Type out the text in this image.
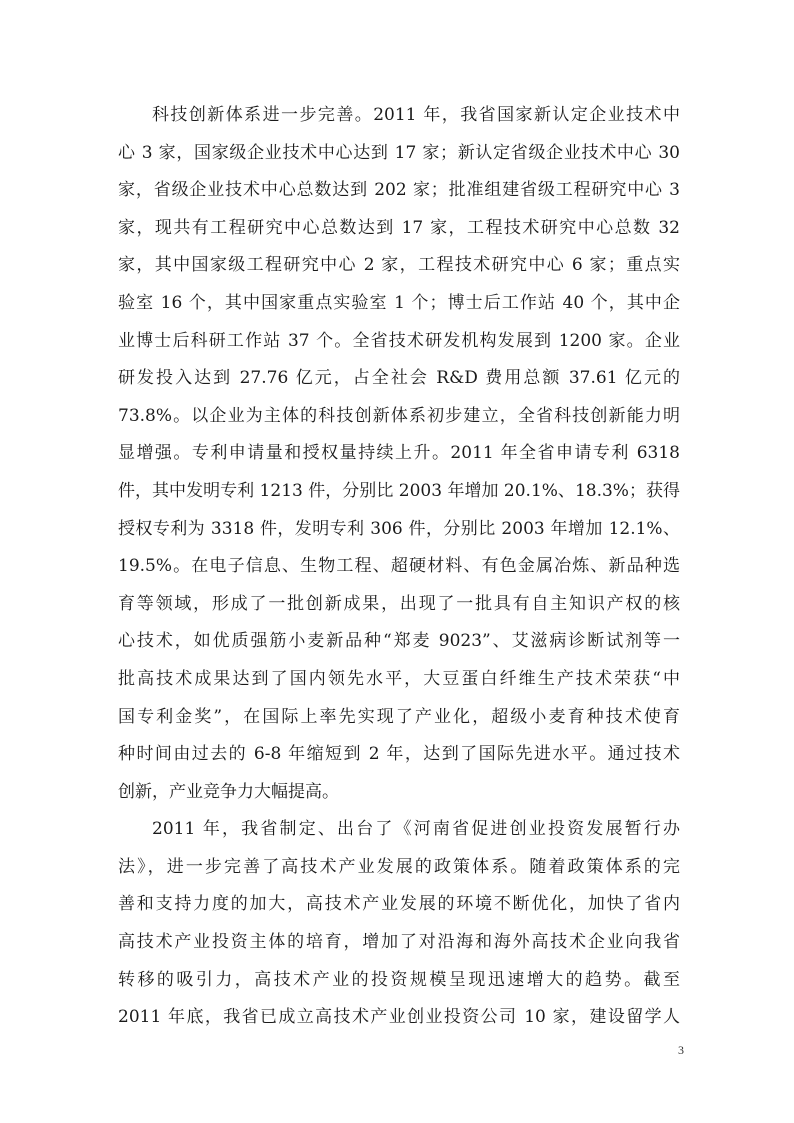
科技创新体系进一步完善。2011 年，我省国家新认定企业技术中
心 3 家，国家级企业技术中心达到 17 家；新认定省级企业技术中心 30
家，省级企业技术中心总数达到 202 家；批准组建省级工程研究中心 3
家，现共有工程研究中心总数达到 17 家，工程技术研究中心总数 32
家，其中国家级工程研究中心 2 家，工程技术研究中心 6 家；重点实
验室 16 个，其中国家重点实验室 1 个；博士后工作站 40 个，其中企
业博士后科研工作站 37 个。全省技术研发机构发展到 1200 家。企业
研发投入达到 27.76 亿元，占全社会 R&D 费用总额 37.61 亿元的
73.8%。以企业为主体的科技创新体系初步建立，全省科技创新能力明
显增强。专利申请量和授权量持续上升。2011 年全省申请专利 6318
件，其中发明专利 1213 件，分别比 2003 年增加 20.1%、18.3%；获得
授权专利为 3318 件，发明专利 306 件，分别比 2003 年增加 12.1%、
19.5%。在电子信息、生物工程、超硬材料、有色金属冶炼、新品种选
育等领域，形成了一批创新成果，出现了一批具有自主知识产权的核
心技术，如优质强筋小麦新品种“郑麦 9023”、艾滋病诊断试剂等一
批高技术成果达到了国内领先水平，大豆蛋白纤维生产技术荣获“中
国专利金奖”，在国际上率先实现了产业化，超级小麦育种技术使育
种时间由过去的 6-8 年缩短到 2 年，达到了国际先进水平。通过技术
创新，产业竞争力大幅提高。
2011 年，我省制定、出台了《河南省促进创业投资发展暂行办
法》，进一步完善了高技术产业发展的政策体系。随着政策体系的完
善和支持力度的加大，高技术产业发展的环境不断优化，加快了省内
高技术产业投资主体的培育，增加了对沿海和海外高技术企业向我省
转移的吸引力，高技术产业的投资规模呈现迅速增大的趋势。截至
2011 年底，我省已成立高技术产业创业投资公司 10 家，建设留学人
3
